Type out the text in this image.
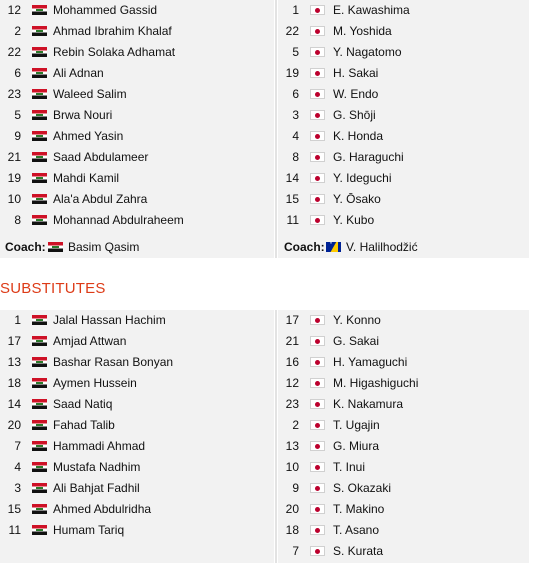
12	Mohammed Gassid
2	Ahmad Ibrahim Khalaf
22	Rebin Solaka Adhamat
6	Ali Adnan
23	Waleed Salim
5	Brwa Nouri
9	Ahmed Yasin
21	Saad Abdulameer
19	Mahdi Kamil
10	Ala'a Abdul Zahra
8	Mohannad Abdulraheem
Coach: Basim Qasim
1	E. Kawashima
22	M. Yoshida
5	Y. Nagatomo
19	H. Sakai
6	W. Endo
3	G. Shōji
4	K. Honda
8	G. Haraguchi
14	Y. Ideguchi
15	Y. Ōsako
11	Y. Kubo
Coach:
· V. Halilhodžić
SUBSTITUTES
1	Jalal Hassan Hachim
17	Amjad Attwan
13	Bashar Rasan Bonyan
18	Aymen Hussein
14	Saad Natiq
20	Fahad Talib
7	Hammadi Ahmad
4	Mustafa Nadhim
3	Ali Bahjat Fadhil
15	Ahmed Abdulridha
11	Humam Tariq
17	Y. Konno
21	G. Sakai
16	H. Yamaguchi
12	M. Higashiguchi
23	K. Nakamura
2	T. Ugajin
13	G. Miura
10	T. Inui
9	S. Okazaki
20	T. Makino
18	T. Asano
7	S. Kurata
